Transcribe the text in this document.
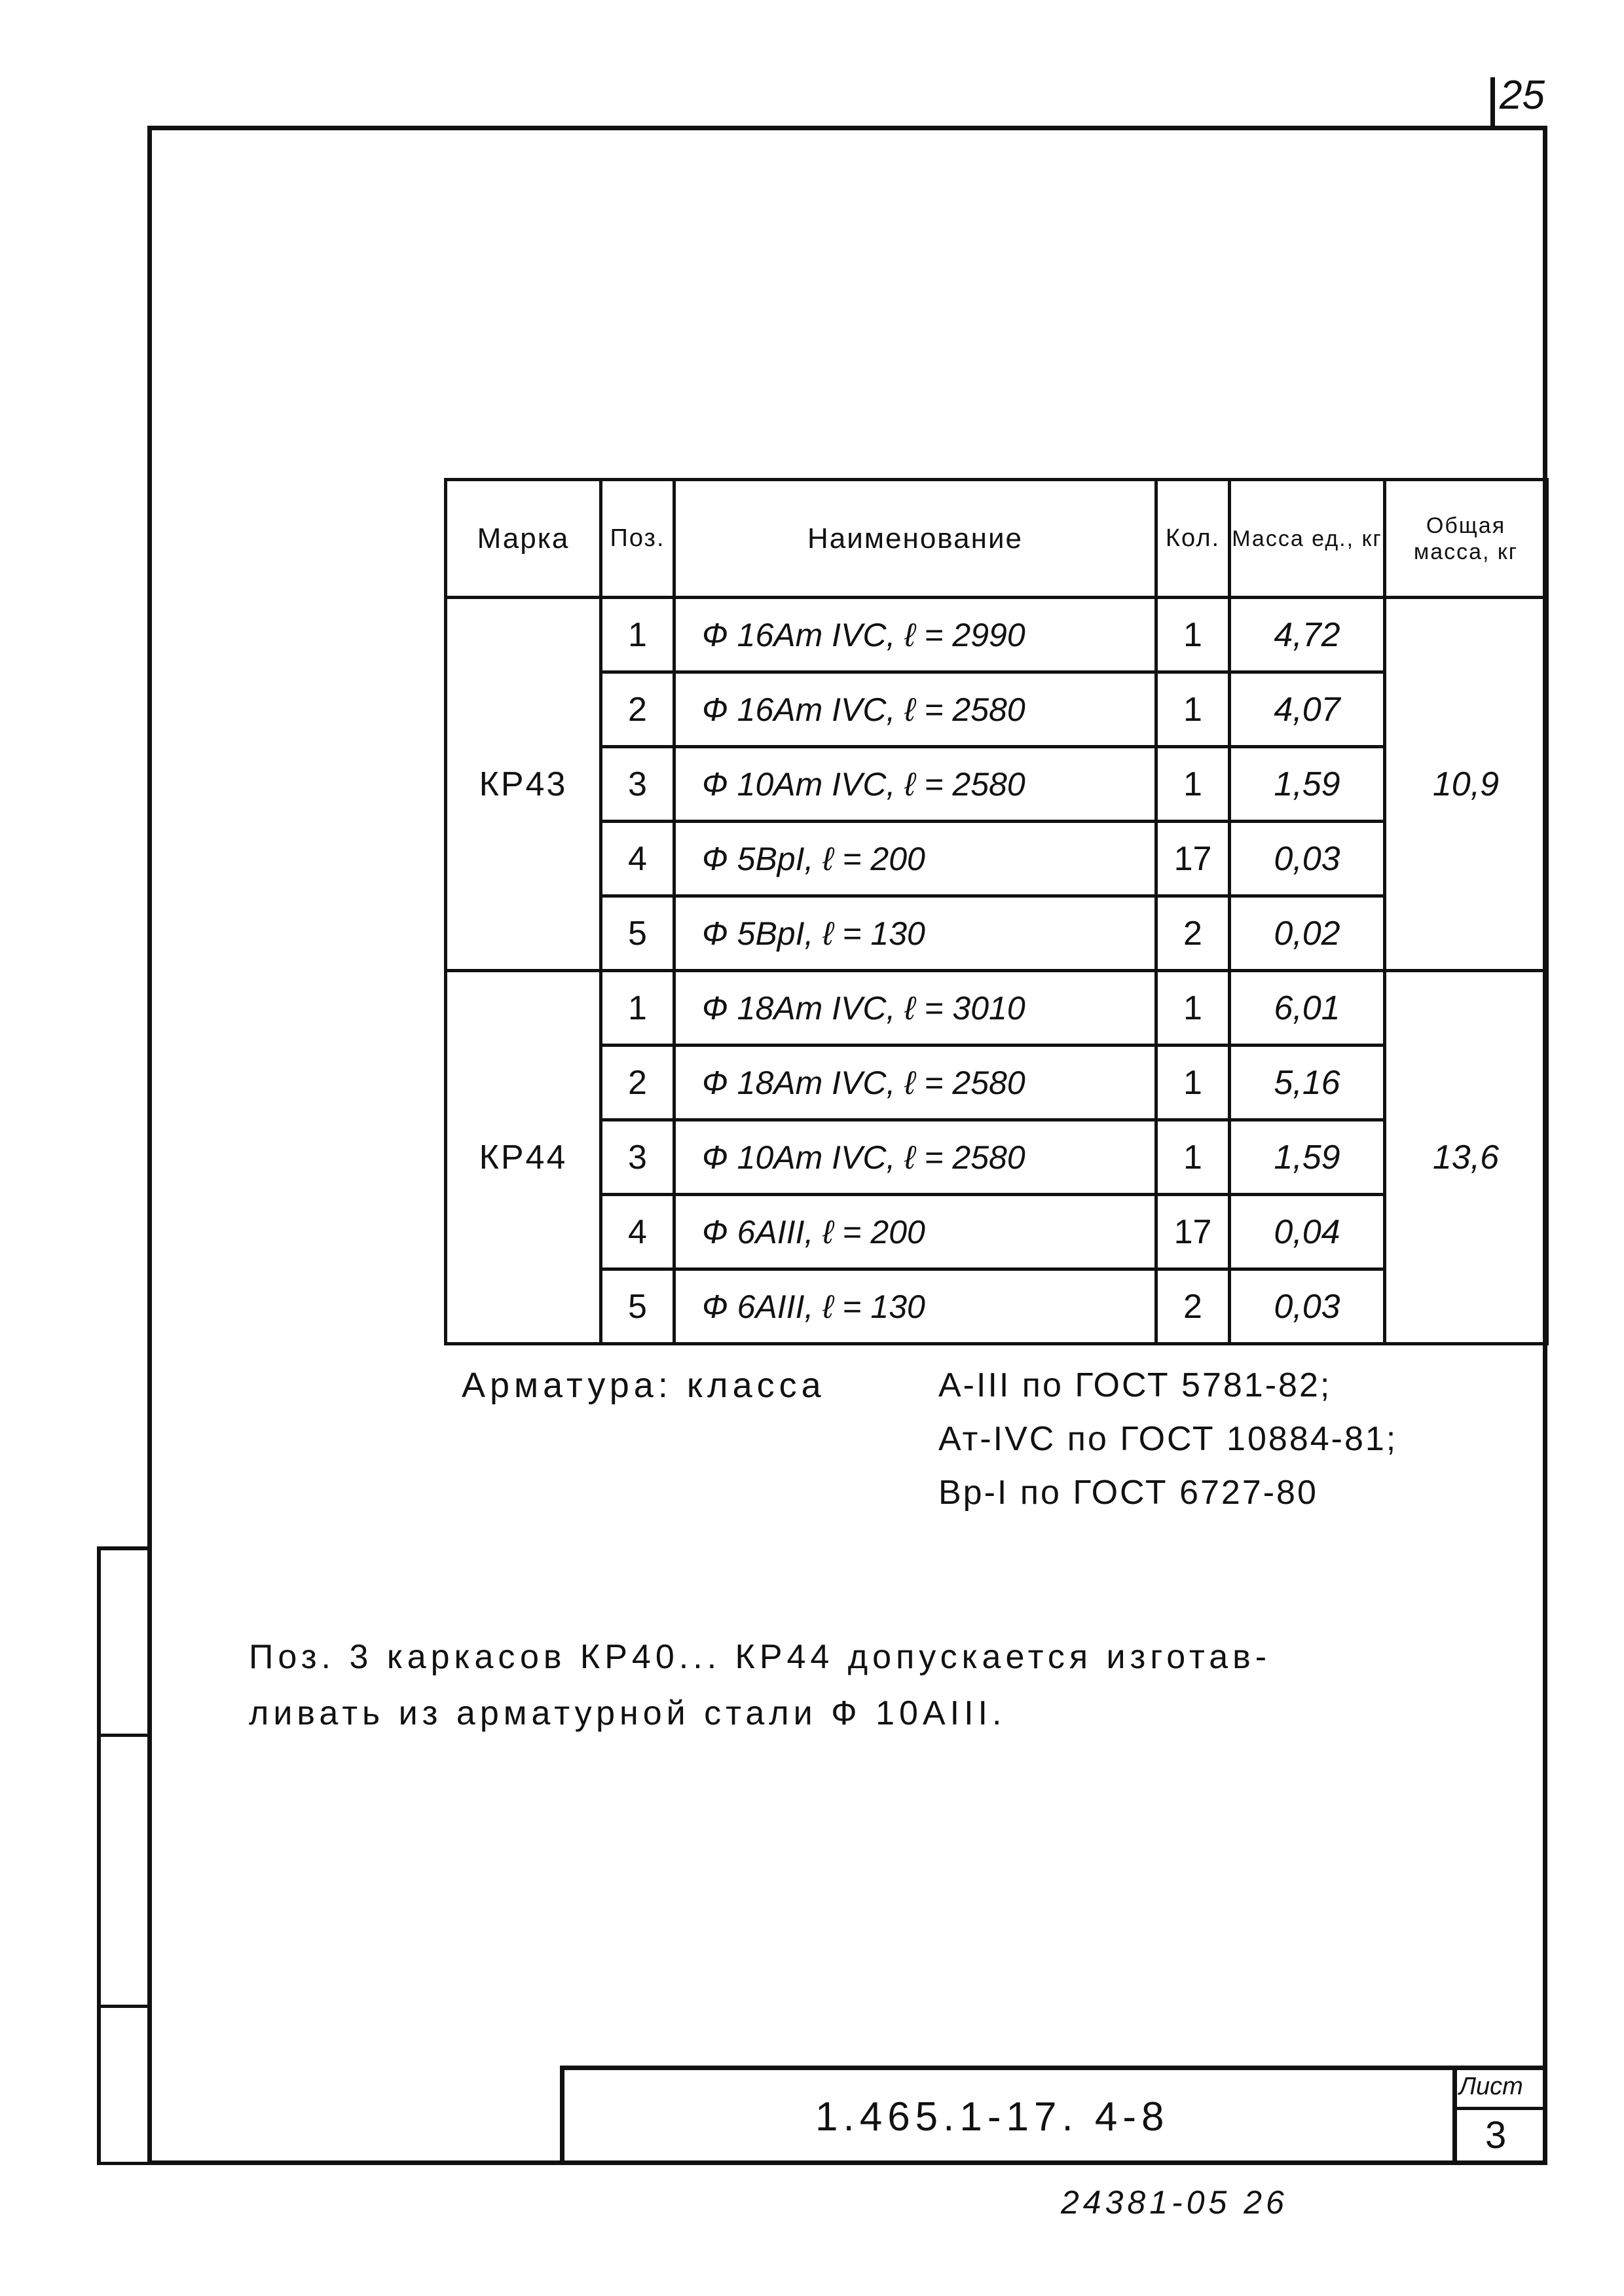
25
Марка	Поз.	Наименование	Кол.	Масса ед., кг	Общая масса, кг
КР43	1	Ф 16Ат IVС, ℓ = 2990	1	4,72	10,9
	2	Ф 16Ат IVС, ℓ = 2580	1	4,07	
	3	Ф 10Ат IVС, ℓ = 2580	1	1,59	
	4	Ф 5ВрI, ℓ = 200	17	0,03	
	5	Ф 5ВрI, ℓ = 130	2	0,02	
КР44	1	Ф 18Ат IVС, ℓ = 3010	1	6,01	13,6
	2	Ф 18Ат IVС, ℓ = 2580	1	5,16	
	3	Ф 10Ат IVС, ℓ = 2580	1	1,59	
	4	Ф 6АIII, ℓ = 200	17	0,04	
	5	Ф 6АIII, ℓ = 130	2	0,03	
Арматура: класса	А-III по ГОСТ 5781-82;
Ат-IVС по ГОСТ 10884-81;
Вр-I по ГОСТ 6727-80
Поз. 3 каркасов КР40... КР44 допускается изготав-
ливать из арматурной стали Ф 10АIII.
1.465.1-17. 4-8
Лист
3
24381-05 26
